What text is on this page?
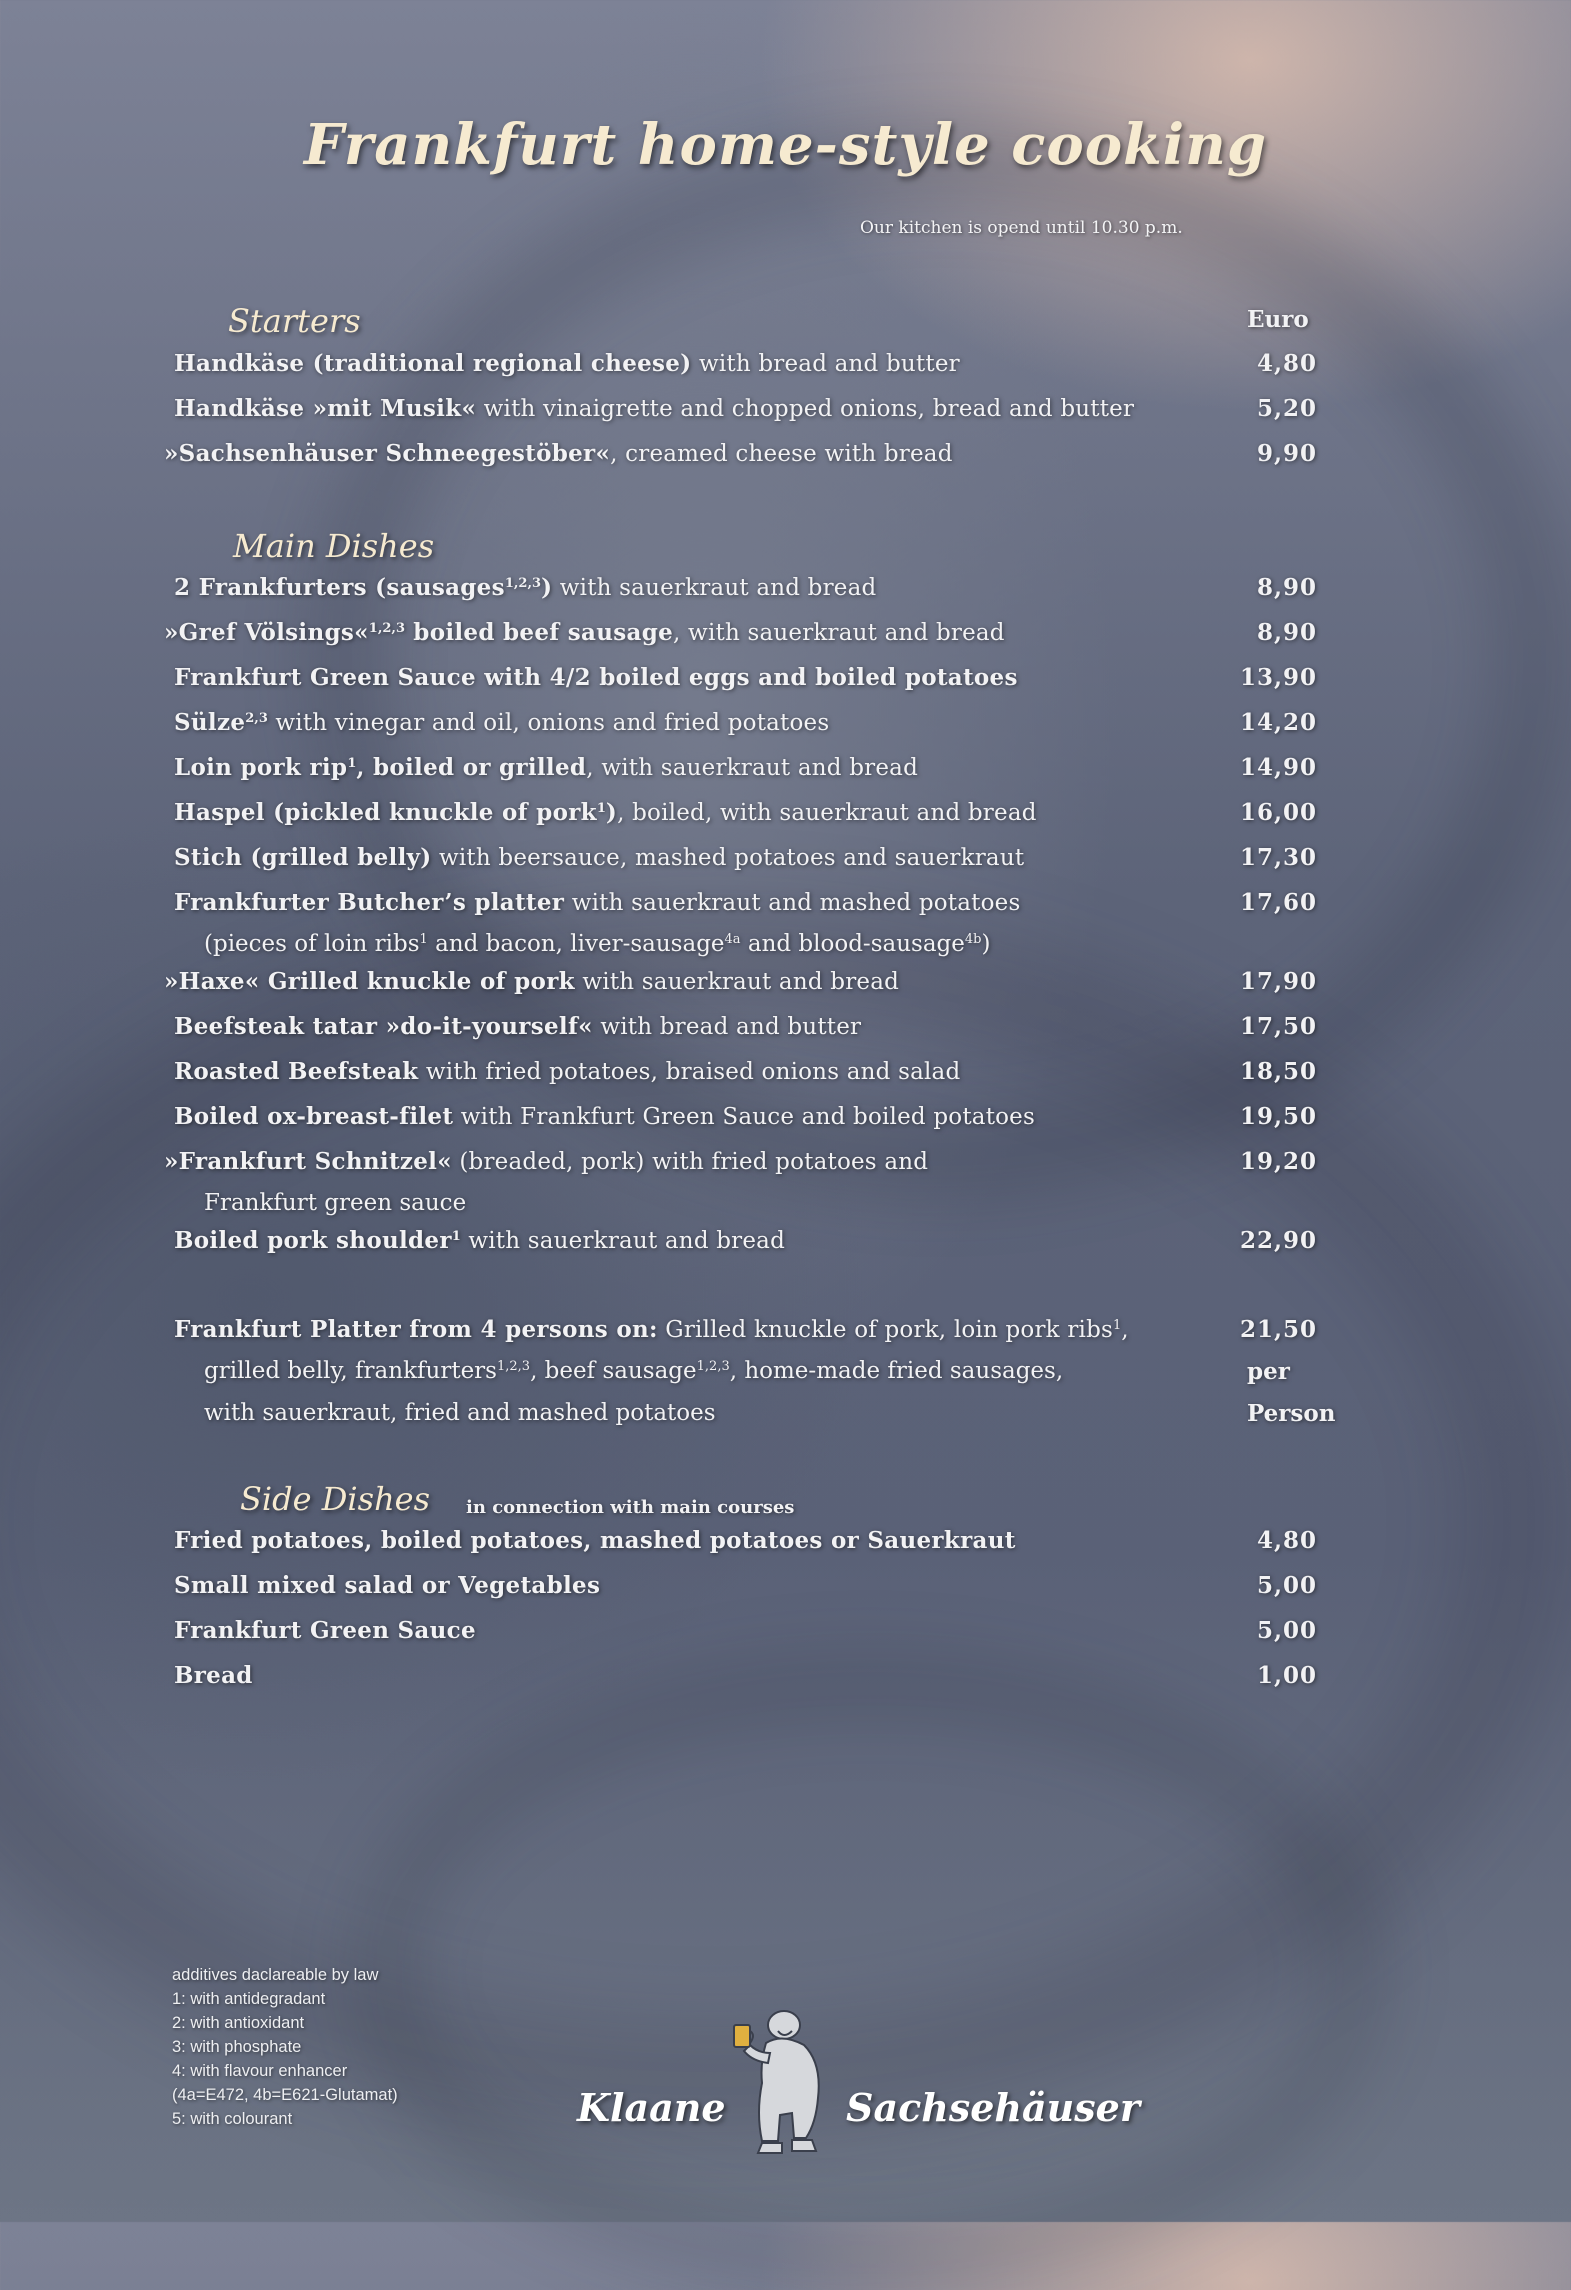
Frankfurt home-style cooking
Our kitchen is opend until 10.30 p.m.
Starters	Euro
Handkäse (traditional regional cheese) with bread and butter	4,80
Handkäse »mit Musik« with vinaigrette and chopped onions, bread and butter	5,20
»Sachsenhäuser Schneegestöber«, creamed cheese with bread	9,90
Main Dishes
2 Frankfurters (sausages$^{1,2,3}$) with sauerkraut and bread	8,90
»Gref Völsings«$^{1,2,3}$ boiled beef sausage, with sauerkraut and bread	8,90
Frankfurt Green Sauce with 4/2 boiled eggs and boiled potatoes	13,90
Sülze$^{2,3}$ with vinegar and oil, onions and fried potatoes	14,20
Loin pork rip$^1$, boiled or grilled, with sauerkraut and bread	14,90
Haspel (pickled knuckle of pork$^1$), boiled, with sauerkraut and bread	16,00
Stich (grilled belly) with beersauce, mashed potatoes and sauerkraut	17,30
Frankfurter Butcher’s platter with sauerkraut and mashed potatoes	17,60
(pieces of loin ribs$^1$ and bacon, liver-sausage$^{4a}$ and blood-sausage$^{4b}$)
»Haxe« Grilled knuckle of pork with sauerkraut and bread	17,90
Beefsteak tatar »do-it-yourself« with bread and butter	17,50
Roasted Beefsteak with fried potatoes, braised onions and salad	18,50
Boiled ox-breast-filet with Frankfurt Green Sauce and boiled potatoes	19,50
»Frankfurt Schnitzel« (breaded, pork) with fried potatoes and	19,20
Frankfurt green sauce
Boiled pork shoulder$^1$ with sauerkraut and bread	22,90
Frankfurt Platter from 4 persons on: Grilled knuckle of pork, loin pork ribs$^1$,	21,50
grilled belly, frankfurters$^{1,2,3}$, beef sausage$^{1,2,3}$, home-made fried sausages,	per
with sauerkraut, fried and mashed potatoes	Person
Side Dishes in connection with main courses
Fried potatoes, boiled potatoes, mashed potatoes or Sauerkraut	4,80
Small mixed salad or Vegetables	5,00
Frankfurt Green Sauce	5,00
Bread	1,00
additives daclareable by law
1: with antidegradant
2: with antioxidant
3: with phosphate
4: with flavour enhancer
(4a=E472, 4b=E621-Glutamat)
5: with colourant	Klaane	Sachsehäuser
